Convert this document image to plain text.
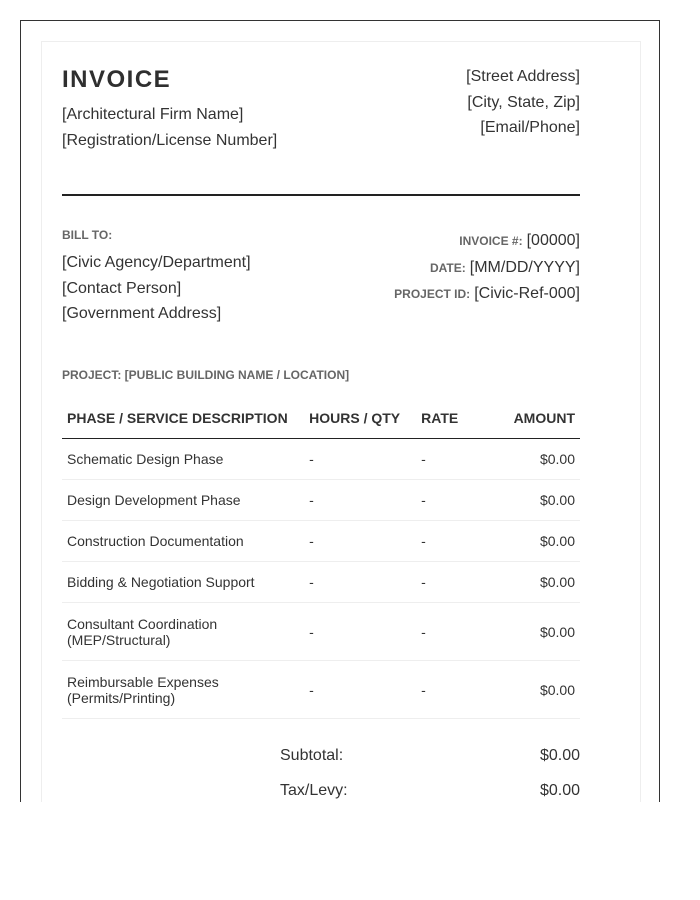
INVOICE
[Architectural Firm Name]
[Registration/License Number]
[Street Address]
[City, State, Zip]
[Email/Phone]
BILL TO:
[Civic Agency/Department]
[Contact Person]
[Government Address]
INVOICE #: [00000]
DATE: [MM/DD/YYYY]
PROJECT ID: [Civic-Ref-000]
PROJECT: [PUBLIC BUILDING NAME / LOCATION]
PHASE / SERVICE DESCRIPTION	HOURS / QTY	RATE	AMOUNT
Schematic Design Phase	-	-	$0.00
Design Development Phase	-	-	$0.00
Construction Documentation	-	-	$0.00
Bidding & Negotiation Support	-	-	$0.00
Consultant Coordination (MEP/Structural)	-	-	$0.00
Reimbursable Expenses (Permits/Printing)	-	-	$0.00
Subtotal:	$0.00
Tax/Levy:	$0.00
